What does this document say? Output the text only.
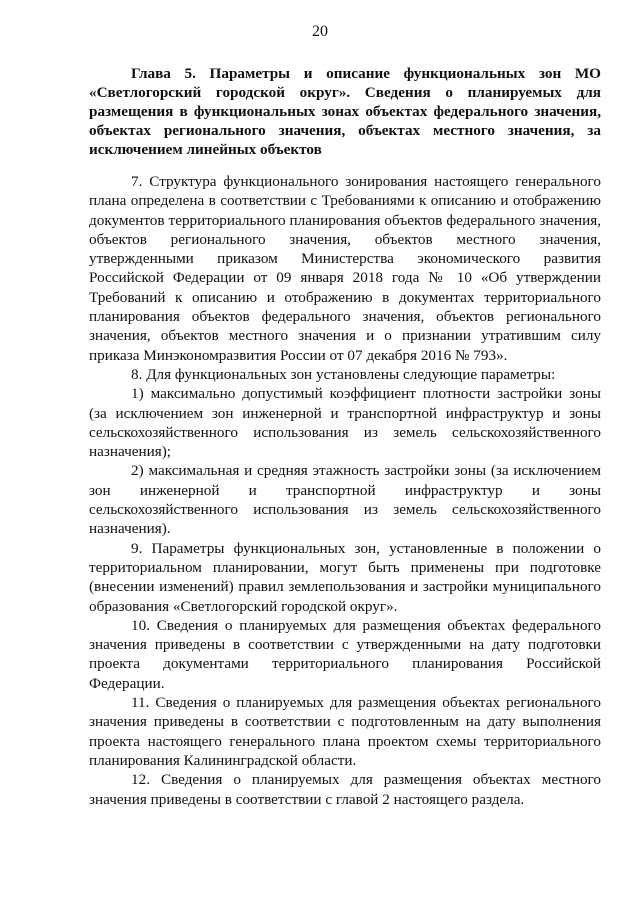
20

Глава 5. Параметры и описание функциональных зон МО «Светлогорский городской округ». Сведения о планируемых для размещения в функциональных зонах объектах федерального значения, объектах регионального значения, объектах местного значения, за исключением линейных объектов

7. Структура функционального зонирования настоящего генерального плана определена в соответствии с Требованиями к описанию и отображению документов территориального планирования объектов федерального значения, объектов регионального значения, объектов местного значения, утвержденными приказом Министерства экономического развития Российской Федерации от 09 января 2018 года № 10 «Об утверждении Требований к описанию и отображению в документах территориального планирования объектов федерального значения, объектов регионального значения, объектов местного значения и о признании утратившим силу приказа Минэкономразвития России от 07 декабря 2016 № 793».

8. Для функциональных зон установлены следующие параметры:

1) максимально допустимый коэффициент плотности застройки зоны (за исключением зон инженерной и транспортной инфраструктур и зоны сельскохозяйственного использования из земель сельскохозяйственного назначения);

2) максимальная и средняя этажность застройки зоны (за исключением зон инженерной и транспортной инфраструктур и зоны сельскохозяйственного использования из земель сельскохозяйственного назначения).

9. Параметры функциональных зон, установленные в положении о территориальном планировании, могут быть применены при подготовке (внесении изменений) правил землепользования и застройки муниципального образования «Светлогорский городской округ».

10. Сведения о планируемых для размещения объектах федерального значения приведены в соответствии с утвержденными на дату подготовки проекта документами территориального планирования Российской Федерации.

11. Сведения о планируемых для размещения объектах регионального значения приведены в соответствии с подготовленным на дату выполнения проекта настоящего генерального плана проектом схемы территориального планирования Калининградской области.

12. Сведения о планируемых для размещения объектах местного значения приведены в соответствии с главой 2 настоящего раздела.
